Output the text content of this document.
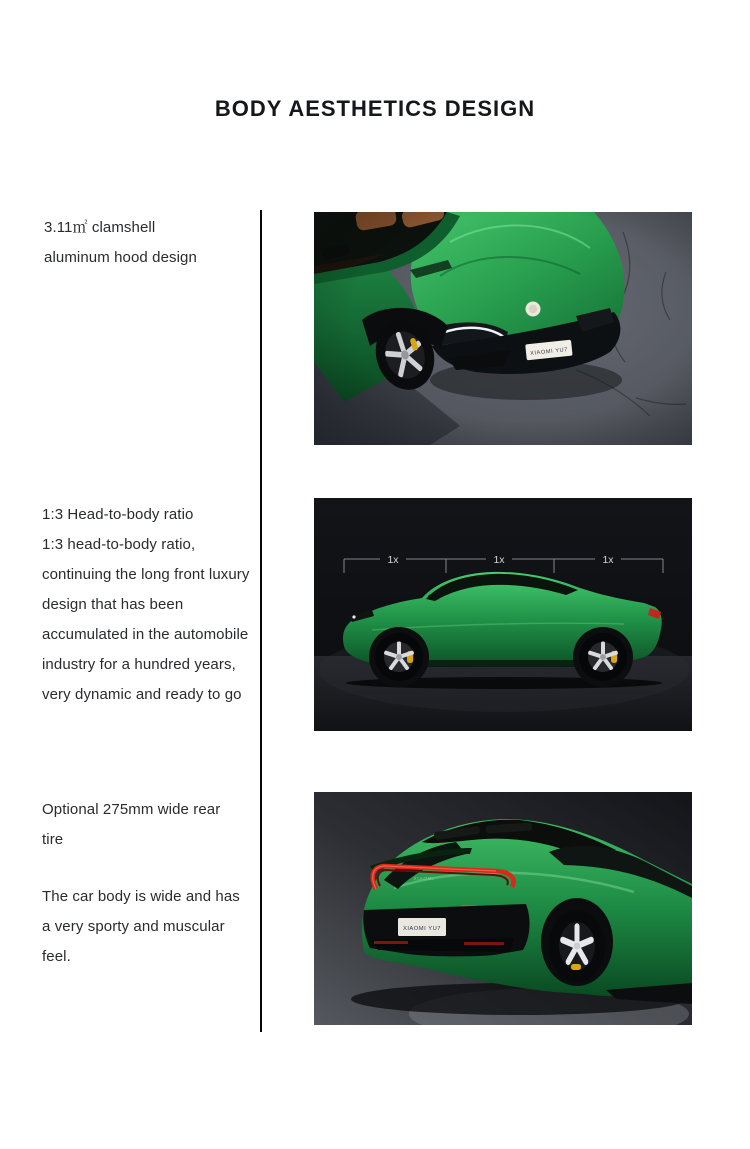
BODY AESTHETICS DESIGN
3.11㎡ clamshell aluminum hood design
1:3 Head-to-body ratio
1:3 head-to-body ratio, continuing the long front luxury design that has been accumulated in the automobile industry for a hundred years, very dynamic and ready to go
Optional 275mm wide rear tire
The car body is wide and has a very sporty and muscular feel.
1x	1x	1x
XIAOMI
XIAOMI YU7
